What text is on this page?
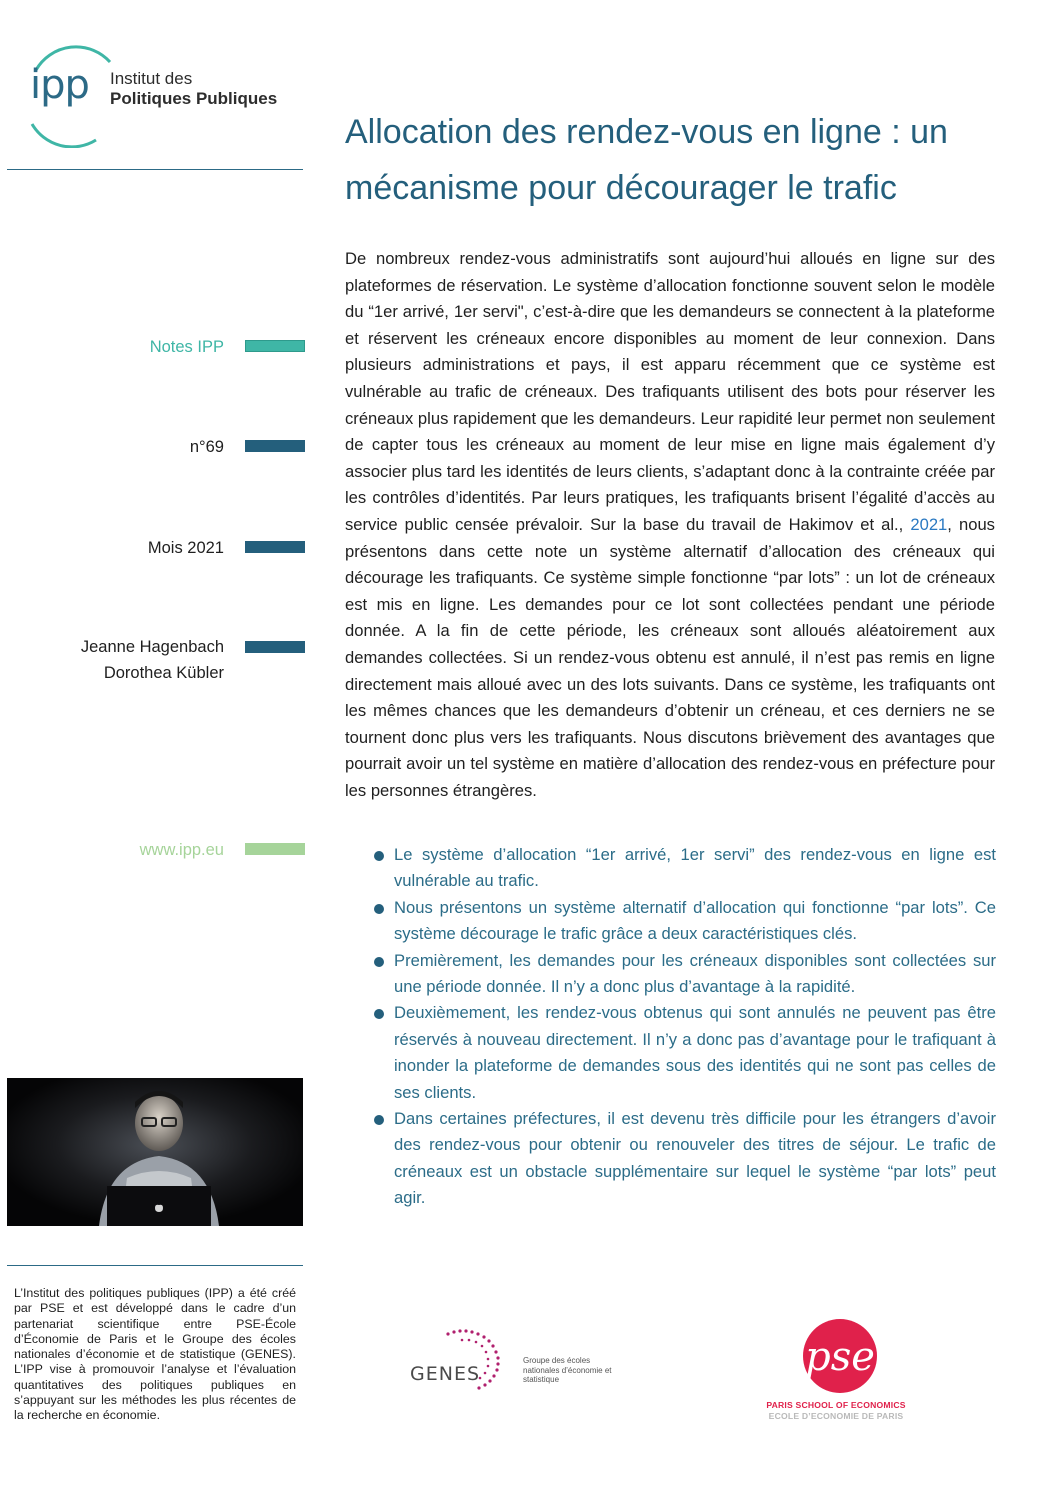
ipp Institut des
Politiques Publiques
Allocation des rendez-vous en ligne : un mécanisme pour décourager le trafic
De nombreux rendez-vous administratifs sont aujourd’hui alloués en ligne sur des plateformes de réservation. Le système d’allocation fonctionne souvent selon le modèle du “1er arrivé, 1er servi", c’est-à-dire que les demandeurs se connectent à la plateforme et réservent les créneaux encore disponibles au moment de leur connexion. Dans plusieurs administrations et pays, il est apparu récemment que ce système est vulnérable au trafic de créneaux. Des trafiquants utilisent des bots pour réserver les créneaux plus rapidement que les demandeurs. Leur rapidité leur permet non seulement de capter tous les créneaux au moment de leur mise en ligne mais également d’y associer plus tard les identités de leurs clients, s’adaptant donc à la contrainte créée par les contrôles d’identités. Par leurs pratiques, les trafiquants brisent l’égalité d’accès au service public censée prévaloir. Sur la base du travail de Hakimov et al., 2021, nous présentons dans cette note un système alternatif d’allocation des créneaux qui décourage les trafiquants. Ce système simple fonctionne “par lots” : un lot de créneaux est mis en ligne. Les demandes pour ce lot sont collectées pendant une période donnée. A la fin de cette période, les créneaux sont alloués aléatoirement aux demandes collectées. Si un rendez-vous obtenu est annulé, il n’est pas remis en ligne directement mais alloué avec un des lots suivants. Dans ce système, les trafiquants ont les mêmes chances que les demandeurs d’obtenir un créneau, et ces derniers ne se tournent donc plus vers les trafiquants. Nous discutons brièvement des avantages que pourrait avoir un tel système en matière d’allocation des rendez-vous en préfecture pour les personnes étrangères.
Notes IPP
n°69
Mois 2021
Jeanne Hagenbach
Dorothea Kübler
www.ipp.eu	Le système d’allocation “1er arrivé, 1er servi” des rendez-vous en ligne est vulnérable au trafic.
Nous présentons un système alternatif d’allocation qui fonctionne “par lots”. Ce système décourage le trafic grâce a deux caractéristiques clés.
Premièrement, les demandes pour les créneaux disponibles sont collectées sur une période donnée. Il n’y a donc plus d’avantage à la rapidité.
Deuxièmement, les rendez-vous obtenus qui sont annulés ne peuvent pas être réservés à nouveau directement. Il n’y a donc pas d’avantage pour le trafiquant à inonder la plateforme de demandes sous des identités qui ne sont pas celles de ses clients.
Dans certaines préfectures, il est devenu très difficile pour les étrangers d’avoir des rendez-vous pour obtenir ou renouveler des titres de séjour. Le trafic de créneaux est un obstacle supplémentaire sur lequel le système “par lots” peut agir.
L’Institut des politiques publiques (IPP) a été créé par PSE et est développé dans le cadre d’un partenariat scientifique entre PSE-École d’Économie de Paris et le Groupe des écoles nationales d’économie et de statistique (GENES). L’IPP vise à promouvoir l’analyse et l’évaluation quantitatives des politiques publiques en s’appuyant sur les méthodes les plus récentes de la recherche en économie.
GENES
Groupe des écoles nationales d’économie et statistique	pse
PARIS SCHOOL OF ECONOMICS
ECOLE D’ECONOMIE DE PARIS
